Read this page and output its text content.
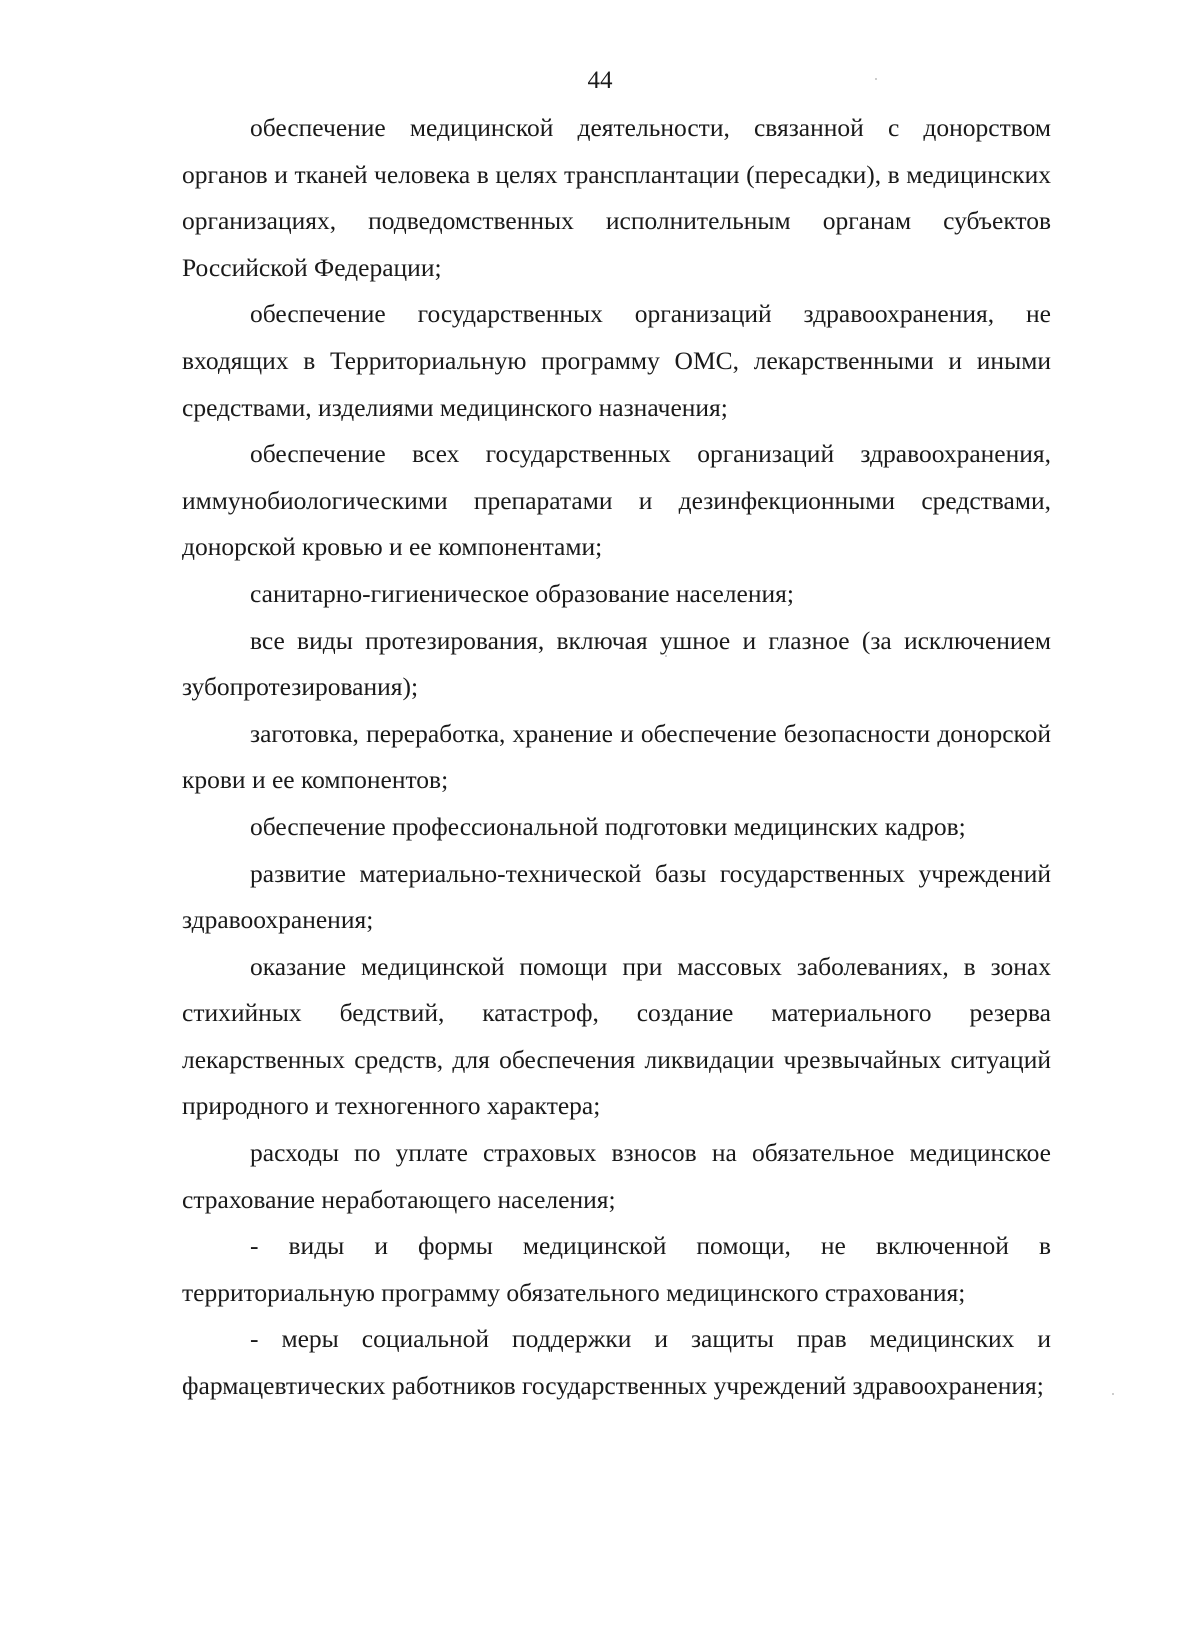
44

обеспечение медицинской деятельности, связанной с донорством органов и тканей человека в целях трансплантации (пересадки), в медицинских организациях, подведомственных исполнительным органам субъектов Российской Федерации;

обеспечение государственных организаций здравоохранения, не входящих в Территориальную программу ОМС, лекарственными и иными средствами, изделиями медицинского назначения;

обеспечение всех государственных организаций здравоохранения, иммунобиологическими препаратами и дезинфекционными средствами, донорской кровью и ее компонентами;

санитарно-гигиеническое образование населения;

все виды протезирования, включая ушное и глазное (за исключением зубопротезирования);

заготовка, переработка, хранение и обеспечение безопасности донорской крови и ее компонентов;

обеспечение профессиональной подготовки медицинских кадров;

развитие материально-технической базы государственных учреждений здравоохранения;

оказание медицинской помощи при массовых заболеваниях, в зонах стихийных бедствий, катастроф, создание материального резерва лекарственных средств, для обеспечения ликвидации чрезвычайных ситуаций природного и техногенного характера;

расходы по уплате страховых взносов на обязательное медицинское страхование неработающего населения;

- виды и формы медицинской помощи, не включенной в территориальную программу обязательного медицинского страхования;

- меры социальной поддержки и защиты прав медицинских и фармацевтических работников государственных учреждений здравоохранения;
